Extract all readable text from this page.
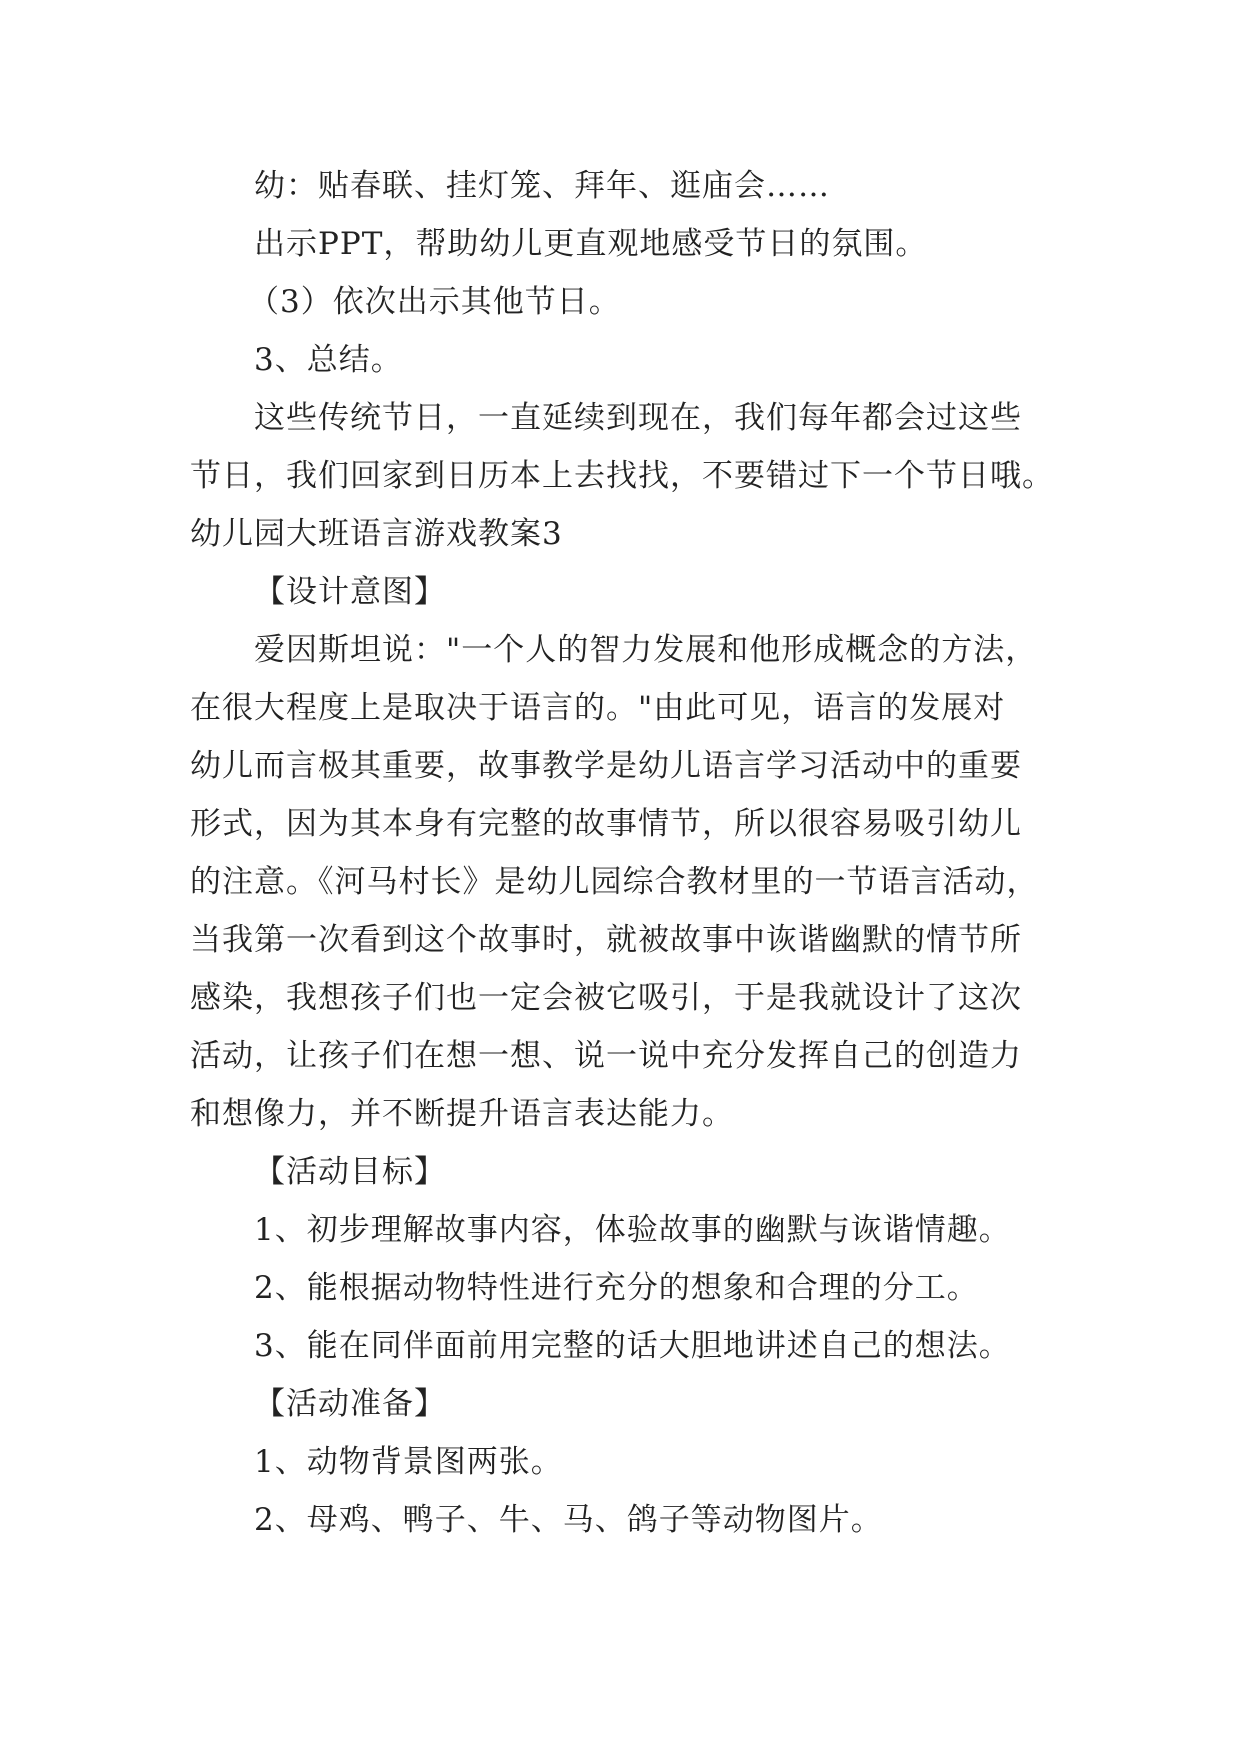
幼：贴春联、挂灯笼、拜年、逛庙会……
出示PPT，帮助幼儿更直观地感受节日的氛围。
（3）依次出示其他节日。
3、总结。
这些传统节日，一直延续到现在，我们每年都会过这些
节日，我们回家到日历本上去找找，不要错过下一个节日哦。
幼儿园大班语言游戏教案3
【设计意图】
爱因斯坦说："一个人的智力发展和他形成概念的方法，
在很大程度上是取决于语言的。"由此可见，语言的发展对
幼儿而言极其重要，故事教学是幼儿语言学习活动中的重要
形式，因为其本身有完整的故事情节，所以很容易吸引幼儿
的注意。《河马村长》是幼儿园综合教材里的一节语言活动，
当我第一次看到这个故事时，就被故事中诙谐幽默的情节所
感染，我想孩子们也一定会被它吸引，于是我就设计了这次
活动，让孩子们在想一想、说一说中充分发挥自己的创造力
和想像力，并不断提升语言表达能力。
【活动目标】
1、初步理解故事内容，体验故事的幽默与诙谐情趣。
2、能根据动物特性进行充分的想象和合理的分工。
3、能在同伴面前用完整的话大胆地讲述自己的想法。
【活动准备】
1、动物背景图两张。
2、母鸡、鸭子、牛、马、鸽子等动物图片。
